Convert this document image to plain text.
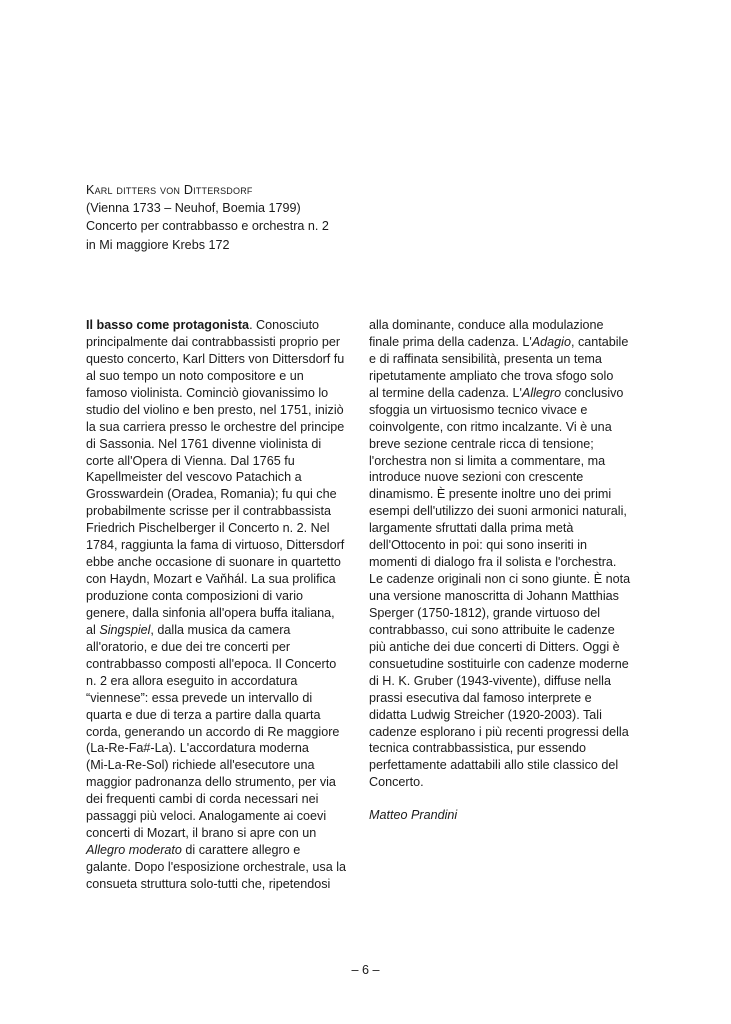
Karl ditters von Dittersdorf
(Vienna 1733 – Neuhof, Boemia 1799)
Concerto per contrabbasso e orchestra n. 2
in Mi maggiore Krebs 172
Il basso come protagonista. Conosciuto
principalmente dai contrabbassisti proprio per
questo concerto, Karl Ditters von Dittersdorf fu
al suo tempo un noto compositore e un
famoso violinista. Cominciò giovanissimo lo
studio del violino e ben presto, nel 1751, iniziò
la sua carriera presso le orchestre del principe
di Sassonia. Nel 1761 divenne violinista di
corte all'Opera di Vienna. Dal 1765 fu
Kapellmeister del vescovo Patachich a
Grosswardein (Oradea, Romania); fu qui che
probabilmente scrisse per il contrabbassista
Friedrich Pischelberger il Concerto n. 2. Nel
1784, raggiunta la fama di virtuoso, Dittersdorf
ebbe anche occasione di suonare in quartetto
con Haydn, Mozart e Vaňhál. La sua prolifica
produzione conta composizioni di vario
genere, dalla sinfonia all'opera buffa italiana,
al Singspiel, dalla musica da camera
all'oratorio, e due dei tre concerti per
contrabbasso composti all'epoca. Il Concerto
n. 2 era allora eseguito in accordatura
“viennese”: essa prevede un intervallo di
quarta e due di terza a partire dalla quarta
corda, generando un accordo di Re maggiore
(La-Re-Fa#-La). L'accordatura moderna
(Mi-La-Re-Sol) richiede all'esecutore una
maggior padronanza dello strumento, per via
dei frequenti cambi di corda necessari nei
passaggi più veloci. Analogamente ai coevi
concerti di Mozart, il brano si apre con un
Allegro moderato di carattere allegro e
galante. Dopo l'esposizione orchestrale, usa la
consueta struttura solo-tutti che, ripetendosi
alla dominante, conduce alla modulazione
finale prima della cadenza. L'Adagio, cantabile
e di raffinata sensibilità, presenta un tema
ripetutamente ampliato che trova sfogo solo
al termine della cadenza. L'Allegro conclusivo
sfoggia un virtuosismo tecnico vivace e
coinvolgente, con ritmo incalzante. Vi è una
breve sezione centrale ricca di tensione;
l'orchestra non si limita a commentare, ma
introduce nuove sezioni con crescente
dinamismo. È presente inoltre uno dei primi
esempi dell'utilizzo dei suoni armonici naturali,
largamente sfruttati dalla prima metà
dell'Ottocento in poi: qui sono inseriti in
momenti di dialogo fra il solista e l'orchestra.
Le cadenze originali non ci sono giunte. È nota
una versione manoscritta di Johann Matthias
Sperger (1750-1812), grande virtuoso del
contrabbasso, cui sono attribuite le cadenze
più antiche dei due concerti di Ditters. Oggi è
consuetudine sostituirle con cadenze moderne
di H. K. Gruber (1943-vivente), diffuse nella
prassi esecutiva dal famoso interprete e
didatta Ludwig Streicher (1920-2003). Tali
cadenze esplorano i più recenti progressi della
tecnica contrabbassistica, pur essendo
perfettamente adattabili allo stile classico del
Concerto.
Matteo Prandini
– 6 –
